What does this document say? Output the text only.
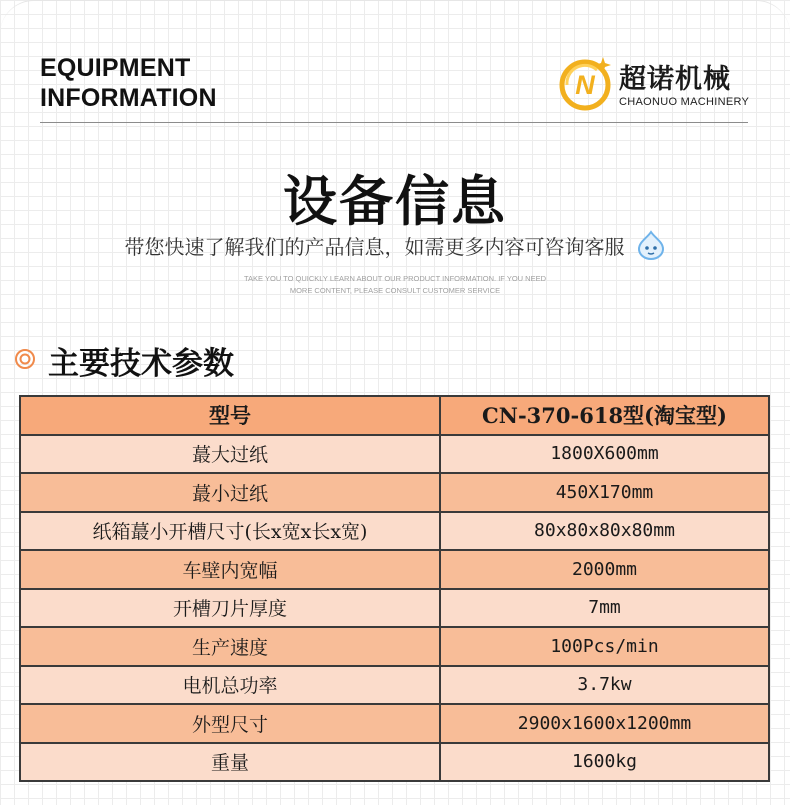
EQUIPMENT
INFORMATION	N 超诺机械
CHAONUO MACHINERY
设备信息
带您快速了解我们的产品信息，如需更多内容可咨询客服
TAKE YOU TO QUICKLY LEARN ABOUT OUR PRODUCT INFORMATION. IF YOU NEED
MORE CONTENT, PLEASE CONSULT CUSTOMER SERVICE
主要技术参数
型号	CN-370-618型(淘宝型)
蕞大过纸	1800X600mm
蕞小过纸	450X170mm
纸箱蕞小开槽尺寸(长x宽x长x宽)	80x80x80x80mm
车壁内宽幅	2000mm
开槽刀片厚度	7mm
生产速度	100Pcs/min
电机总功率	3.7kw
外型尺寸	2900x1600x1200mm
重量	1600kg
